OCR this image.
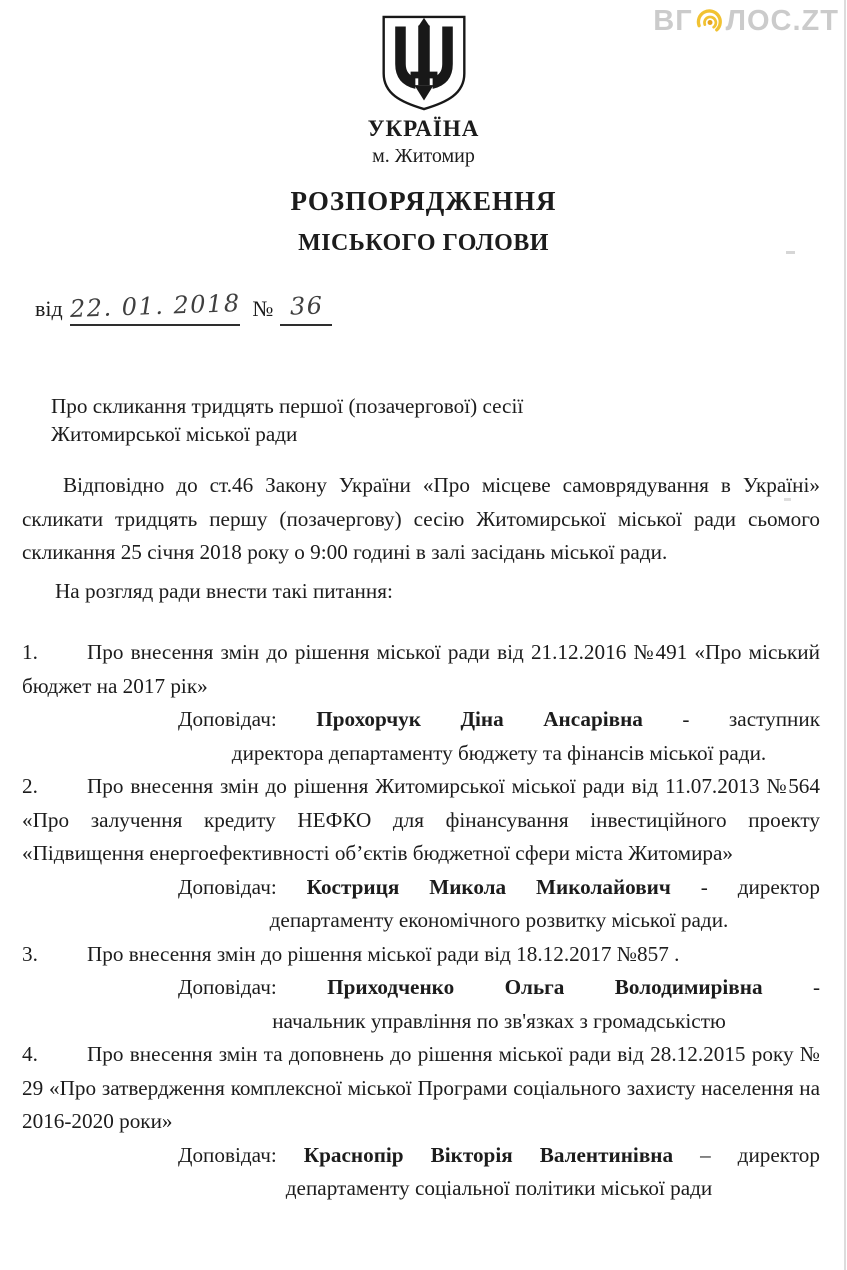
ВГ ЛОС.ZT
УКРАЇНА
м. Житомир
РОЗПОРЯДЖЕННЯ
МІСЬКОГО ГОЛОВИ
від 22. 01. 2018 № 36
Про скликання тридцять першої (позачергової) сесії
Житомирської міської ради

Відповідно до ст.46 Закону України «Про місцеве самоврядування в Україні» скликати тридцять першу (позачергову) сесію Житомирської міської ради сьомого скликання 25 січня 2018 року о 9:00 годині в залі засідань міської ради.

На розгляд ради внести такі питання:

1. Про внесення змін до рішення міської ради від 21.12.2016 №491 «Про міський бюджет на 2017 рік»

Доповідач: Прохорчук Діна Ансарівна - заступник
директора департаменту бюджету та фінансів міської ради.

2. Про внесення змін до рішення Житомирської міської ради від 11.07.2013 №564 «Про залучення кредиту НЕФКО для фінансування інвестиційного проекту «Підвищення енергоефективності об’єктів бюджетної сфери міста Житомира»

Доповідач: Костриця Микола Миколайович - директор
департаменту економічного розвитку міської ради.

3. Про внесення змін до рішення міської ради від 18.12.2017 №857 .

Доповідач: Приходченко Ольга Володимирівна -
начальник управління по зв'язках з громадськістю

4. Про внесення змін та доповнень до рішення міської ради від 28.12.2015 року № 29 «Про затвердження комплексної міської Програми соціального захисту населення на 2016-2020 роки»

Доповідач: Краснопір Вікторія Валентинівна – директор
департаменту соціальної політики міської ради
